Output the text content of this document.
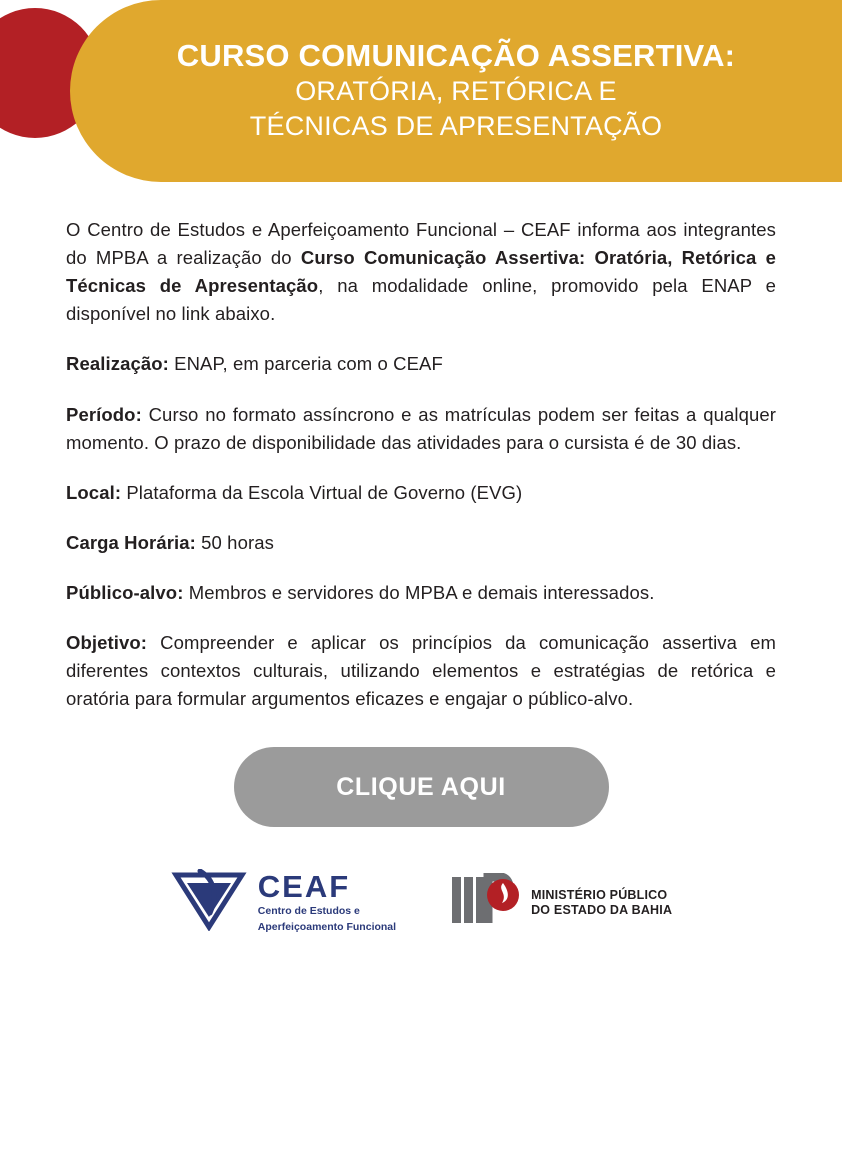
CURSO COMUNICAÇÃO ASSERTIVA:
ORATÓRIA, RETÓRICA E
TÉCNICAS DE APRESENTAÇÃO

O Centro de Estudos e Aperfeiçoamento Funcional – CEAF informa aos integrantes do MPBA a realização do Curso Comunicação Assertiva: Oratória, Retórica e Técnicas de Apresentação, na modalidade online, promovido pela ENAP e disponível no link abaixo.

Realização: ENAP, em parceria com o CEAF

Período: Curso no formato assíncrono e as matrículas podem ser feitas a qualquer momento. O prazo de disponibilidade das atividades para o cursista é de 30 dias.

Local: Plataforma da Escola Virtual de Governo (EVG)

Carga Horária: 50 horas

Público-alvo: Membros e servidores do MPBA e demais interessados.

Objetivo: Compreender e aplicar os princípios da comunicação assertiva em diferentes contextos culturais, utilizando elementos e estratégias de retórica e oratória para formular argumentos eficazes e engajar o público-alvo.

CLIQUE AQUI
CEAF
Centro de Estudos e
Aperfeiçoamento Funcional
MINISTÉRIO PÚBLICO
DO ESTADO DA BAHIA
